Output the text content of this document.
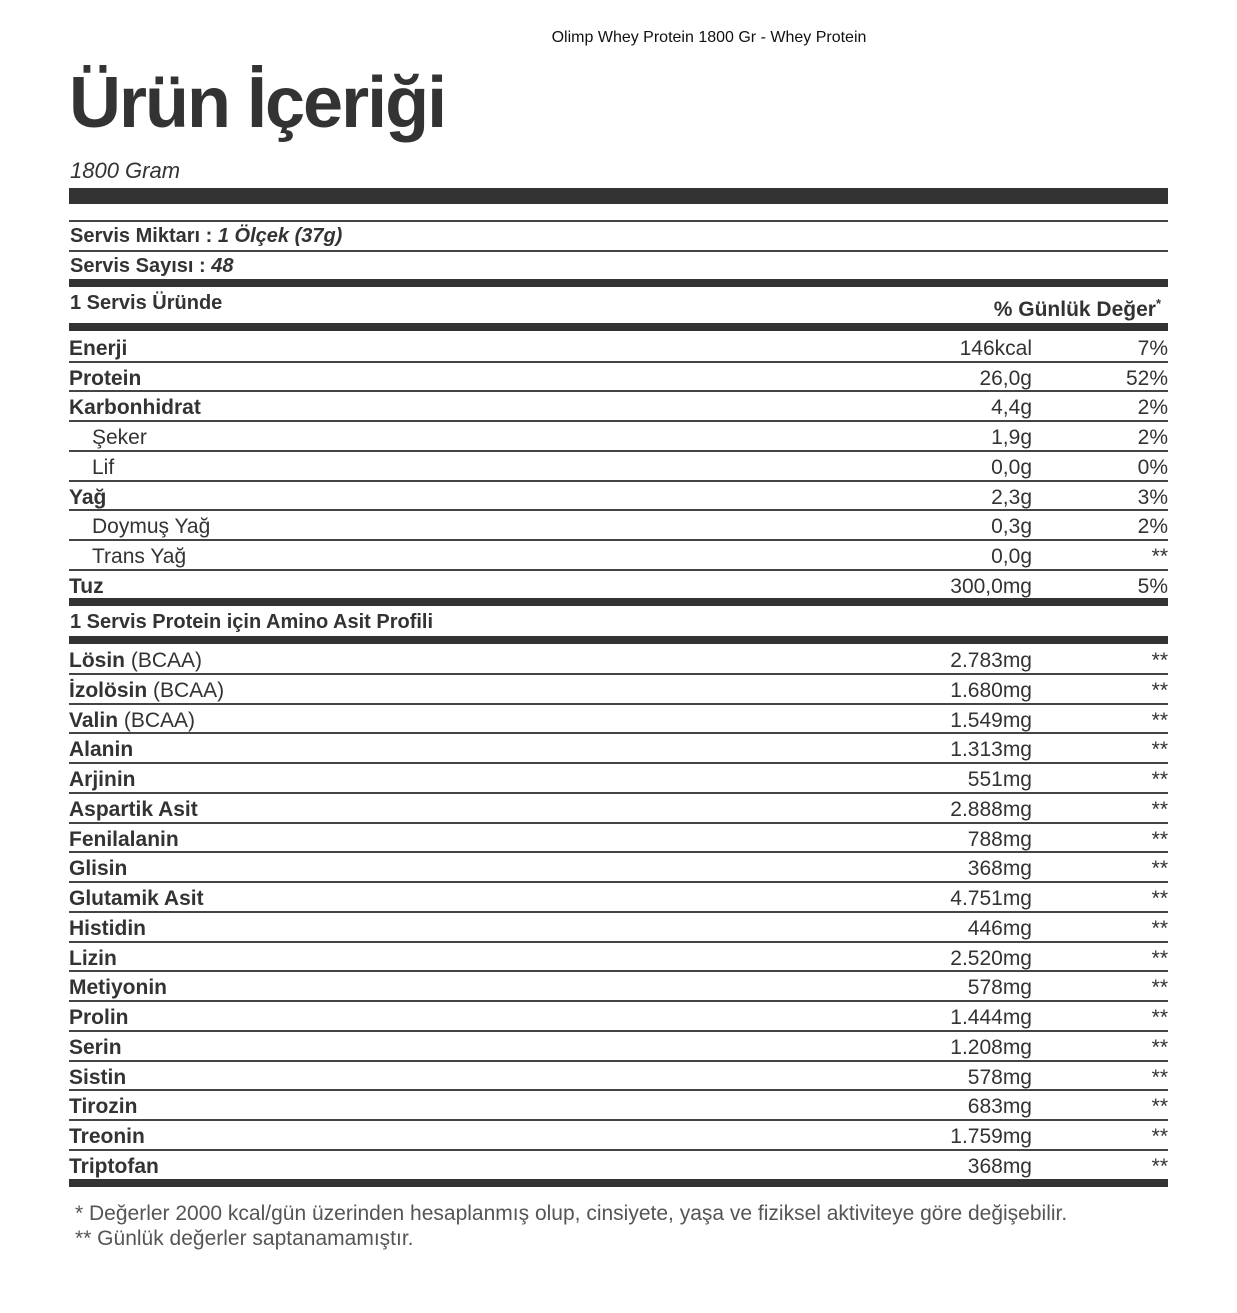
Olimp Whey Protein 1800 Gr - Whey Protein
Ürün İçeriği
1800 Gram
Servis Miktarı : 1 Ölçek (37g)
Servis Sayısı : 48
1 Servis Üründe	% Günlük Değer*
Enerji	146kcal	7%
Protein	26,0g	52%
Karbonhidrat	4,4g	2%
Şeker	1,9g	2%
Lif	0,0g	0%
Yağ	2,3g	3%
Doymuş Yağ	0,3g	2%
Trans Yağ	0,0g	**
Tuz	300,0mg	5%
1 Servis Protein için Amino Asit Profili
Lösin (BCAA)	2.783mg	**
İzolösin (BCAA)	1.680mg	**
Valin (BCAA)	1.549mg	**
Alanin	1.313mg	**
Arjinin	551mg	**
Aspartik Asit	2.888mg	**
Fenilalanin	788mg	**
Glisin	368mg	**
Glutamik Asit	4.751mg	**
Histidin	446mg	**
Lizin	2.520mg	**
Metiyonin	578mg	**
Prolin	1.444mg	**
Serin	1.208mg	**
Sistin	578mg	**
Tirozin	683mg	**
Treonin	1.759mg	**
Triptofan	368mg	**
* Değerler 2000 kcal/gün üzerinden hesaplanmış olup, cinsiyete, yaşa ve fiziksel aktiviteye göre değişebilir.
** Günlük değerler saptanamamıştır.
